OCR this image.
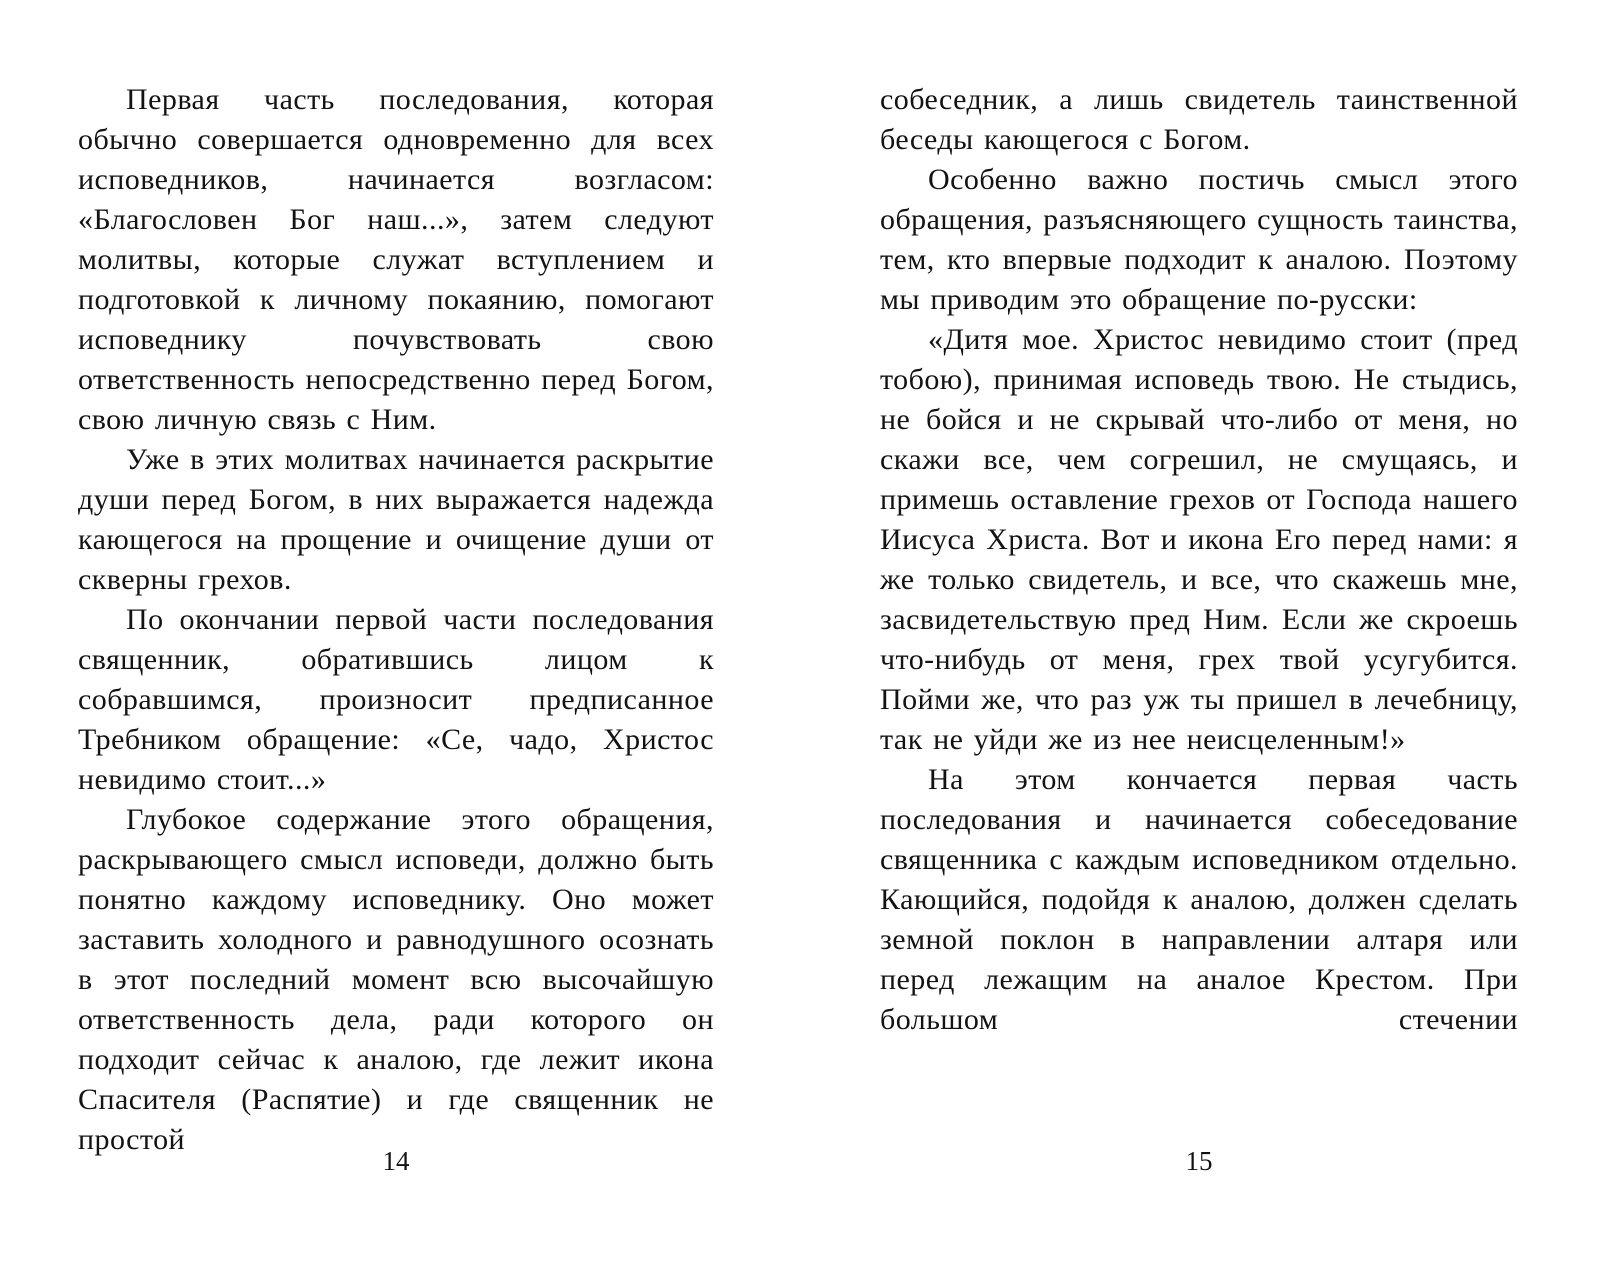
Первая часть последования, которая обычно совершается одновременно для всех исповедников, начинается возгласом: «Благословен Бог наш...», затем следуют молитвы, которые служат вступлением и подготовкой к личному покаянию, помогают исповеднику почувствовать свою ответственность непосредственно перед Богом, свою личную связь с Ним.

Уже в этих молитвах начинается раскрытие души перед Богом, в них выражается надежда кающегося на прощение и очищение души от скверны грехов.

По окончании первой части последования священник, обратившись лицом к собравшимся, произносит предписанное Требником обращение: «Се, чадо, Христос невидимо стоит...»

Глубокое содержание этого обращения, раскрывающего смысл исповеди, должно быть понятно каждому исповеднику. Оно может заставить холодного и равнодушного осознать в этот последний момент всю высочайшую ответственность дела, ради которого он подходит сейчас к аналою, где лежит икона Спасителя (Распятие) и где священник не простой

14

собеседник, а лишь свидетель таинственной беседы кающегося с Богом.

Особенно важно постичь смысл этого обращения, разъясняющего сущность таинства, тем, кто впервые подходит к аналою. Поэтому мы приводим это обращение по-русски:

«Дитя мое. Христос невидимо стоит (пред тобою), принимая исповедь твою. Не стыдись, не бойся и не скрывай что-либо от меня, но скажи все, чем согрешил, не смущаясь, и примешь оставление грехов от Господа нашего Иисуса Христа. Вот и икона Его перед нами: я же только свидетель, и все, что скажешь мне, засвидетельствую пред Ним. Если же скроешь что-нибудь от меня, грех твой усугубится. Пойми же, что раз уж ты пришел в лечебницу, так не уйди же из нее неисцеленным!»

На этом кончается первая часть последования и начинается собеседование священника с каждым исповедником отдельно. Кающийся, подойдя к аналою, должен сделать земной поклон в направлении алтаря или перед лежащим на аналое Крестом. При большом стечении

15
